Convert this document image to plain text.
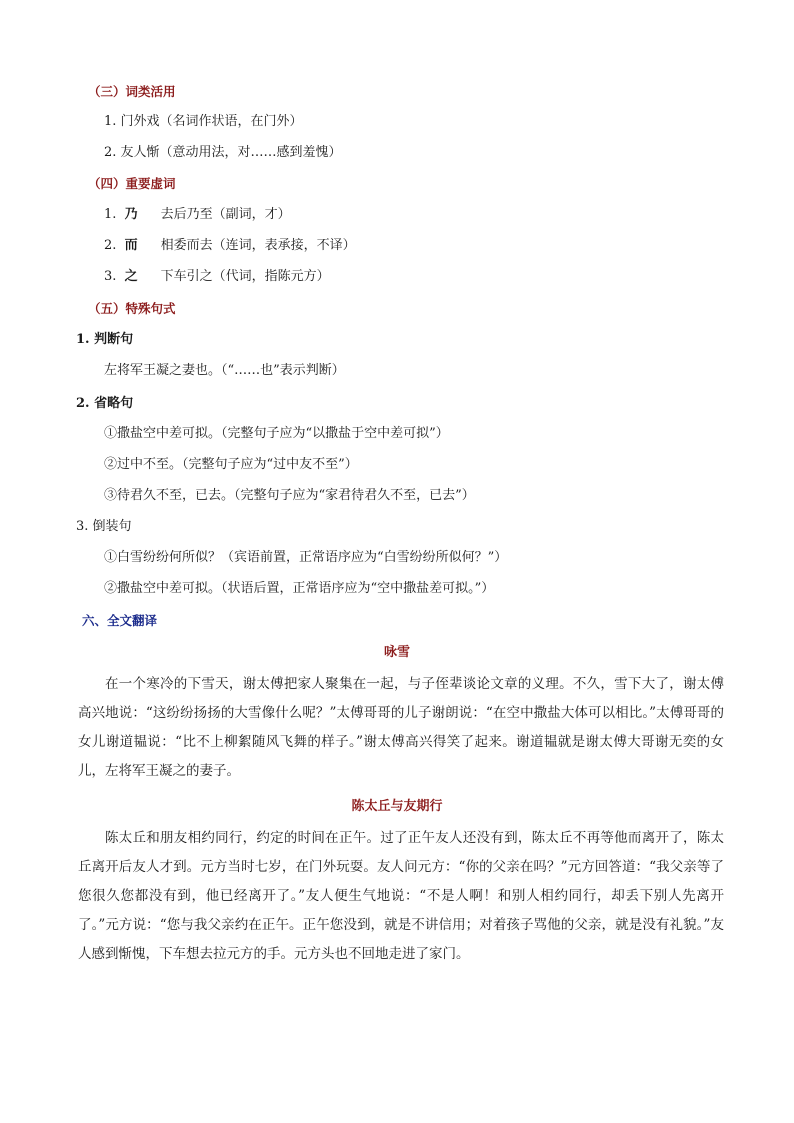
（三）词类活用
1. 门外戏（名词作状语，在门外）
2. 友人惭（意动用法，对……感到羞愧）
（四）重要虚词
1. 乃 去后乃至（副词，才）
2. 而 相委而去（连词，表承接，不译）
3. 之 下车引之（代词，指陈元方）
（五）特殊句式
1. 判断句
左将军王凝之妻也。（“……也”表示判断）
2. 省略句
①撒盐空中差可拟。（完整句子应为“以撒盐于空中差可拟”）
②过中不至。（完整句子应为“过中友不至”）
③待君久不至，已去。（完整句子应为“家君待君久不至，已去”）
3. 倒装句
①白雪纷纷何所似？（宾语前置，正常语序应为“白雪纷纷所似何？”）
②撒盐空中差可拟。（状语后置，正常语序应为“空中撒盐差可拟。”）
六、全文翻译
咏雪
在一个寒冷的下雪天，谢太傅把家人聚集在一起，与子侄辈谈论文章的义理。不久，雪下大了，谢太傅高兴地说：“这纷纷扬扬的大雪像什么呢？”太傅哥哥的儿子谢朗说：“在空中撒盐大体可以相比。”太傅哥哥的女儿谢道韫说：“比不上柳絮随风飞舞的样子。”谢太傅高兴得笑了起来。谢道韫就是谢太傅大哥谢无奕的女儿，左将军王凝之的妻子。
陈太丘与友期行
陈太丘和朋友相约同行，约定的时间在正午。过了正午友人还没有到，陈太丘不再等他而离开了，陈太丘离开后友人才到。元方当时七岁，在门外玩耍。友人问元方：“你的父亲在吗？”元方回答道：“我父亲等了您很久您都没有到，他已经离开了。”友人便生气地说：“不是人啊！和别人相约同行，却丢下别人先离开了。”元方说：“您与我父亲约在正午。正午您没到，就是不讲信用；对着孩子骂他的父亲，就是没有礼貌。”友人感到惭愧，下车想去拉元方的手。元方头也不回地走进了家门。
